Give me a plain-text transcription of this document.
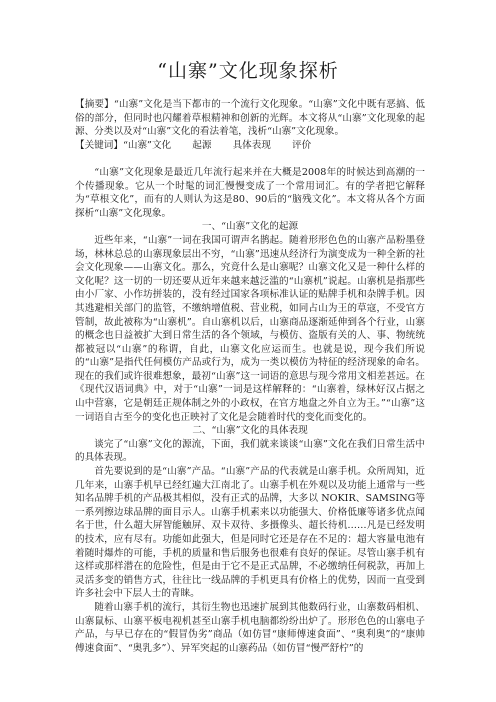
“山寨”文化现象探析

【摘要】“山寨”文化是当下都市的一个流行文化现象。“山寨”文化中既有恶搞、低俗的部分，但同时也闪耀着草根精神和创新的光辉。本文将从“山寨”文化现象的起源、分类以及对“山寨”文化的看法着笔，浅析“山寨”文化现象。

【关键词】“山寨”文化 起源 具体表现 评价

“山寨”文化现象是最近几年流行起来并在大概是2008年的时候达到高潮的一个传播现象。它从一个时髦的词汇慢慢变成了一个常用词汇。有的学者把它解释为“草根文化”，而有的人则认为这是80、90后的“脑残文化”。本文将从各个方面探析“山寨”文化现象。

一、“山寨”文化的起源

近些年来，“山寨”一词在我国可谓声名鹊起。随着形形色色的山寨产品粉墨登场，林林总总的山寨现象层出不穷，“山寨”迅速从经济行为演变成为一种全新的社会文化现象——山寨文化。那么，究竟什么是山寨呢？山寨文化又是一种什么样的文化呢？这一切的一切还要从近年来越来越泛滥的“山寨机”说起。山寨机是指那些由小厂家、小作坊拼装的，没有经过国家各项标准认证的贴牌手机和杂牌手机。因其逃避相关部门的监管，不缴纳增值税、营业税，如同占山为王的草寇，不受官方管制，故此被称为“山寨机”。自山寨机以后，山寨商品逐渐延伸到各个行业，山寨的概念也日益被扩大到日常生活的各个领域，与模仿、盗版有关的人、事、物统统都被冠以“山寨”的称谓，自此，山寨文化应运而生。也就是说，现今我们所说的“山寨”是指代任何模仿产品或行为，成为一类以模仿为特征的经济现象的命名。现在的我们或许很难想象，最初“山寨”这一词语的意思与现今常用文相差甚远。在《现代汉语词典》中，对于“山寨”一词是这样解释的：“山寨着，绿林好汉占据之山中营寨，它是朝廷正规体制之外的小政权，在官方地盘之外自立为王。”“山寨”这一词语自古至今的变化也正映衬了文化是会随着时代的变化而变化的。

二、“山寨”文化的具体表现

谈完了“山寨”文化的源流，下面，我们就来谈谈“山寨”文化在我们日常生活中的具体表现。

首先要说到的是“山寨”产品。“山寨”产品的代表就是山寨手机。众所周知，近几年来，山寨手机早已经红遍大江南北了。山寨手机在外观以及功能上通常与一些知名品牌手机的产品极其相似，没有正式的品牌，大多以 NOKIR、SAMSING等一系列擦边球品牌的面目示人。山寨手机素来以功能强大、价格低廉等诸多优点闻名于世，什么超大屏智能触屏、双卡双待、多摄像头、超长待机……凡是已经发明的技术，应有尽有。功能如此强大，但是同时它还是存在不足的：超大容量电池有着随时爆炸的可能，手机的质量和售后服务也很难有良好的保证。尽管山寨手机有这样或那样潜在的危险性，但是由于它不是正式品牌，不必缴纳任何税款，再加上灵活多变的销售方式，往往比一线品牌的手机更具有价格上的优势，因而一直受到许多社会中下层人士的青睐。

随着山寨手机的流行，其衍生物也迅速扩展到其他数码行业，山寨数码相机、山寨鼠标、山寨平板电视机甚至山寨手机电脑都纷纷出炉了。形形色色的山寨电子产品，与早已存在的“假冒伪劣”商品（如仿冒“康师傅速食面”、“奥利奥”的“康帅傅速食面”、“奥乳多”）、异军突起的山寨药品（如仿冒“慢严舒柠”的
